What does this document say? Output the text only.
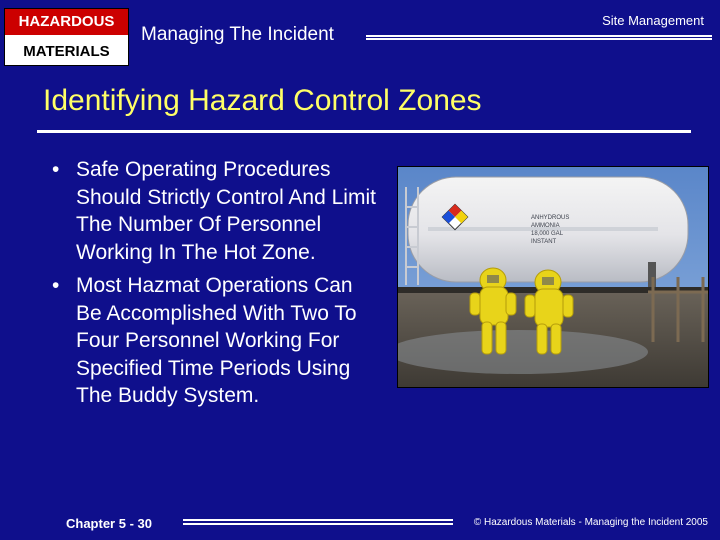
HAZARDOUS
MATERIALS
Managing The Incident
Site Management
Identifying Hazard Control Zones
• Safe Operating Procedures Should Strictly Control And Limit The Number Of Personnel Working In The Hot Zone.
• Most Hazmat Operations Can Be Accomplished With Two To Four Personnel Working For Specified Time Periods Using The Buddy System.
ANHYDROUS
AMMONIA
18,000 GAL
INSTANT
Chapter 5 - 30	© Hazardous Materials - Managing the Incident 2005
